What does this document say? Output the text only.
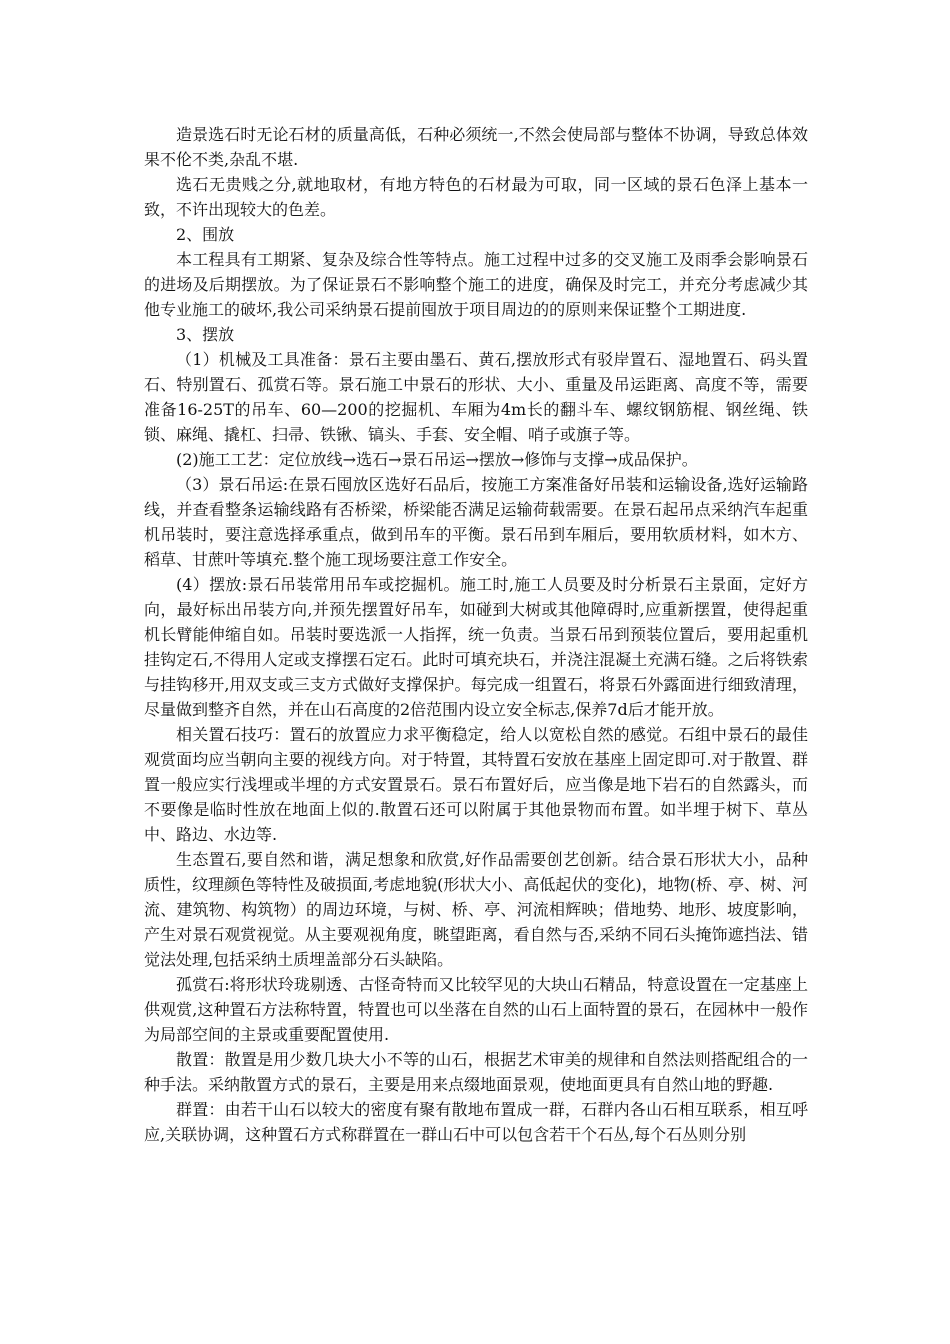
造景选石时无论石材的质量高低，石种必须统一,不然会使局部与整体不协调，导致总体效果不伦不类,杂乱不堪.

选石无贵贱之分,就地取材，有地方特色的石材最为可取，同一区域的景石色泽上基本一致，不许出现较大的色差。

2、围放

本工程具有工期紧、复杂及综合性等特点。施工过程中过多的交叉施工及雨季会影响景石的进场及后期摆放。为了保证景石不影响整个施工的进度，确保及时完工，并充分考虑减少其他专业施工的破坏,我公司采纳景石提前囤放于项目周边的的原则来保证整个工期进度.

3、摆放

（1）机械及工具准备：景石主要由墨石、黄石,摆放形式有驳岸置石、湿地置石、码头置石、特别置石、孤赏石等。景石施工中景石的形状、大小、重量及吊运距离、高度不等，需要准备16-25T的吊车、60—200的挖掘机、车厢为4m长的翻斗车、螺纹钢筋棍、钢丝绳、铁锁、麻绳、撬杠、扫帚、铁锹、镐头、手套、安全帽、哨子或旗子等。

(2)施工工艺：定位放线→选石→景石吊运→摆放→修饰与支撑→成品保护。

（3）景石吊运:在景石囤放区选好石品后，按施工方案准备好吊装和运输设备,选好运输路线，并查看整条运输线路有否桥梁，桥梁能否满足运输荷载需要。在景石起吊点采纳汽车起重机吊装时，要注意选择承重点，做到吊车的平衡。景石吊到车厢后，要用软质材料，如木方、稻草、甘蔗叶等填充.整个施工现场要注意工作安全。

(4）摆放:景石吊装常用吊车或挖掘机。施工时,施工人员要及时分析景石主景面，定好方向，最好标出吊装方向,并预先摆置好吊车，如碰到大树或其他障碍时,应重新摆置，使得起重机长臂能伸缩自如。吊装时要选派一人指挥，统一负责。当景石吊到预装位置后，要用起重机挂钩定石,不得用人定或支撑摆石定石。此时可填充块石，并浇注混凝土充满石缝。之后将铁索与挂钩移开,用双支或三支方式做好支撑保护。每完成一组置石，将景石外露面进行细致清理，尽量做到整齐自然，并在山石高度的2倍范围内设立安全标志,保养7d后才能开放。

相关置石技巧：置石的放置应力求平衡稳定，给人以宽松自然的感觉。石组中景石的最佳观赏面均应当朝向主要的视线方向。对于特置，其特置石安放在基座上固定即可.对于散置、群置一般应实行浅埋或半埋的方式安置景石。景石布置好后，应当像是地下岩石的自然露头，而不要像是临时性放在地面上似的.散置石还可以附属于其他景物而布置。如半埋于树下、草丛中、路边、水边等.

生态置石,要自然和谐，满足想象和欣赏,好作品需要创艺创新。结合景石形状大小，品种质性，纹理颜色等特性及破损面,考虑地貌(形状大小、高低起伏的变化)，地物(桥、亭、树、河流、建筑物、构筑物）的周边环境，与树、桥、亭、河流相辉映；借地势、地形、坡度影响，产生对景石观赏视觉。从主要观视角度，眺望距离，看自然与否,采纳不同石头掩饰遮挡法、错觉法处理,包括采纳土质埋盖部分石头缺陷。

孤赏石:将形状玲珑剔透、古怪奇特而又比较罕见的大块山石精品，特意设置在一定基座上供观赏,这种置石方法称特置，特置也可以坐落在自然的山石上面特置的景石，在园林中一般作为局部空间的主景或重要配置使用.

散置：散置是用少数几块大小不等的山石，根据艺术审美的规律和自然法则搭配组合的一种手法。采纳散置方式的景石，主要是用来点缀地面景观，使地面更具有自然山地的野趣.

群置：由若干山石以较大的密度有聚有散地布置成一群，石群内各山石相互联系，相互呼应,关联协调，这种置石方式称群置在一群山石中可以包含若干个石丛,每个石丛则分别
